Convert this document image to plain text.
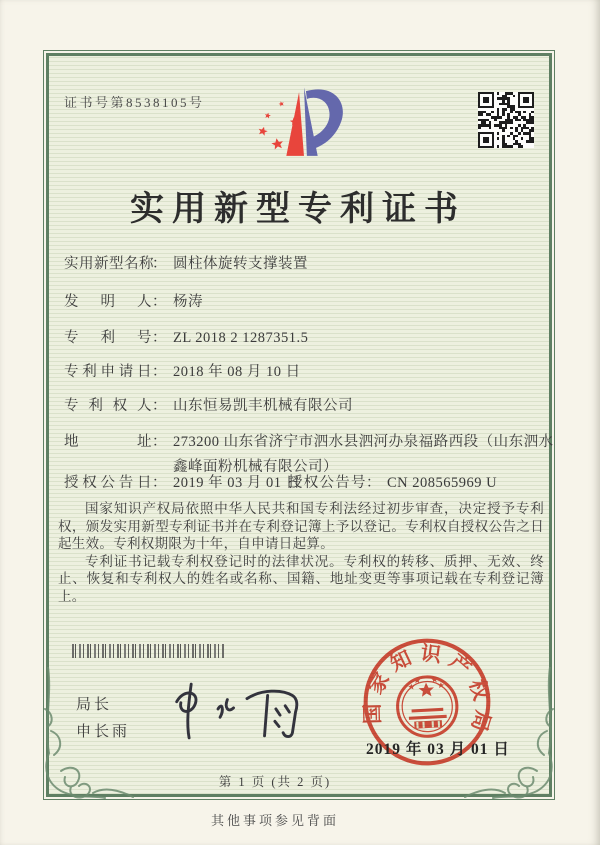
证书号第8538105号
实用新型专利证书
实用新型名称： 圆柱体旋转支撑装置
发明人： 杨涛
专利号： ZL 2018 2 1287351.5
专利申请日： 2018 年 08 月 10 日
专利权人： 山东恒易凯丰机械有限公司
地址： 273200 山东省济宁市泗水县泗河办泉福路西段（山东泗水鑫峰面粉机械有限公司）
授权公告日： 2019 年 03 月 01 日
授权公告号： CN 208565969 U

国家知识产权局依照中华人民共和国专利法经过初步审查，决定授予专利权，颁发实用新型专利证书并在专利登记簿上予以登记。专利权自授权公告之日起生效。专利权期限为十年，自申请日起算。

专利证书记载专利权登记时的法律状况。专利权的转移、质押、无效、终止、恢复和专利权人的姓名或名称、国籍、地址变更等事项记载在专利登记簿上。

局长
申长雨
国家知识产权局
2019 年 03 月 01 日
第 1 页 (共 2 页)
其他事项参见背面
